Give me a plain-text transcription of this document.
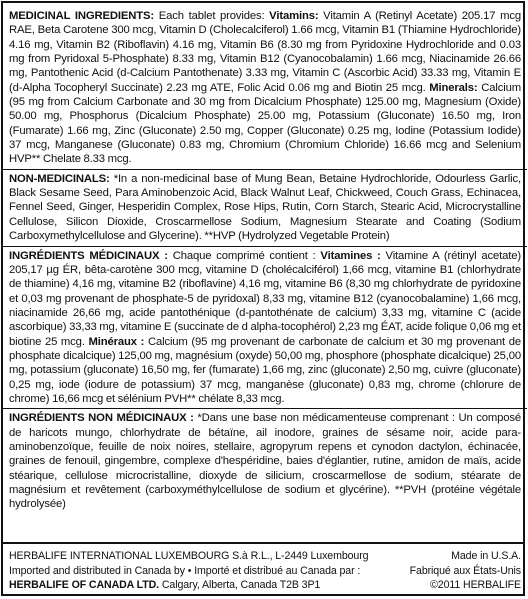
MEDICINAL INGREDIENTS: Each tablet provides: Vitamins: Vitamin A (Retinyl Acetate) 205.17 mcg RAE, Beta Carotene 300 mcg, Vitamin D (Cholecalciferol) 1.66 mcg, Vitamin B1 (Thiamine Hydrochloride) 4.16 mg, Vitamin B2 (Riboflavin) 4.16 mg, Vitamin B6 (8.30 mg from Pyridoxine Hydrochloride and 0.03 mg from Pyridoxal 5-Phosphate) 8.33 mg, Vitamin B12 (Cyanocobalamin) 1.66 mcg, Niacinamide 26.66 mg, Pantothenic Acid (d-Calcium Pantothenate) 3.33 mg, Vitamin C (Ascorbic Acid) 33.33 mg, Vitamin E (d-Alpha Tocopheryl Succinate) 2.23 mg ATE, Folic Acid 0.06 mg and Biotin 25 mcg. Minerals: Calcium (95 mg from Calcium Carbonate and 30 mg from Dicalcium Phosphate) 125.00 mg, Magnesium (Oxide) 50.00 mg, Phosphorus (Dicalcium Phosphate) 25.00 mg, Potassium (Gluconate) 16.50 mg, Iron (Fumarate) 1.66 mg, Zinc (Gluconate) 2.50 mg, Copper (Gluconate) 0.25 mg, Iodine (Potassium Iodide) 37 mcg, Manganese (Gluconate) 0.83 mg, Chromium (Chromium Chloride) 16.66 mcg and Selenium HVP** Chelate 8.33 mcg.

NON-MEDICINALS: *In a non-medicinal base of Mung Bean, Betaine Hydrochloride, Odourless Garlic, Black Sesame Seed, Para Aminobenzoic Acid, Black Walnut Leaf, Chickweed, Couch Grass, Echinacea, Fennel Seed, Ginger, Hesperidin Complex, Rose Hips, Rutin, Corn Starch, Stearic Acid, Microcrystalline Cellulose, Silicon Dioxide, Croscarmellose Sodium, Magnesium Stearate and Coating (Sodium Carboxymethylcellulose and Glycerine). **HVP (Hydrolyzed Vegetable Protein)

INGRÉDIENTS MÉDICINAUX : Chaque comprimé contient : Vitamines : Vitamine A (rétinyl acetate) 205,17 µg ÉR, bêta-carotène 300 mcg, vitamine D (cholécalciférol) 1,66 mcg, vitamine B1 (chlorhydrate de thiamine) 4,16 mg, vitamine B2 (riboflavine) 4,16 mg, vitamine B6 (8,30 mg chlorhydrate de pyridoxine et 0,03 mg provenant de phosphate-5 de pyridoxal) 8,33 mg, vitamine B12 (cyanocobalamine) 1,66 mcg, niacinamide 26,66 mg, acide pantothénique (d-pantothénate de calcium) 3,33 mg, vitamine C (acide ascorbique) 33,33 mg, vitamine E (succinate de d alpha-tocophérol) 2,23 mg ÉAT, acide folique 0,06 mg et biotine 25 mcg. Minéraux : Calcium (95 mg provenant de carbonate de calcium et 30 mg provenant de phosphate dicalcique) 125,00 mg, magnésium (oxyde) 50,00 mg, phosphore (phosphate dicalcique) 25,00 mg, potassium (gluconate) 16,50 mg, fer (fumarate) 1,66 mg, zinc (gluconate) 2,50 mg, cuivre (gluconate) 0,25 mg, iode (iodure de potassium) 37 mcg, manganèse (gluconate) 0,83 mg, chrome (chlorure de chrome) 16,66 mcg et sélénium PVH** chélate 8,33 mcg.

INGRÉDIENTS NON MÉDICINAUX : *Dans une base non médicamenteuse comprenant : Un composé de haricots mungo, chlorhydrate de bétaïne, ail inodore, graines de sésame noir, acide para-aminobenzoïque, feuille de noix noires, stellaire, agropyrum repens et cynodon dactylon, échinacée, graines de fenouil, gingembre, complexe d'hespéridine, baies d'églantier, rutine, amidon de maïs, acide stéarique, cellulose microcristalline, dioxyde de silicium, croscarmellose de sodium, stéarate de magnésium et revêtement (carboxyméthylcellulose de sodium et glycérine). **PVH (protéine végétale hydrolysée)

HERBALIFE INTERNATIONAL LUXEMBOURG S.à R.L., L-2449 Luxembourg	Made in U.S.A.
Imported and distributed in Canada by • Importé et distribué au Canada par :	Fabriqué aux États-Unis
HERBALIFE OF CANADA LTD. Calgary, Alberta, Canada T2B 3P1	©2011 HERBALIFE
